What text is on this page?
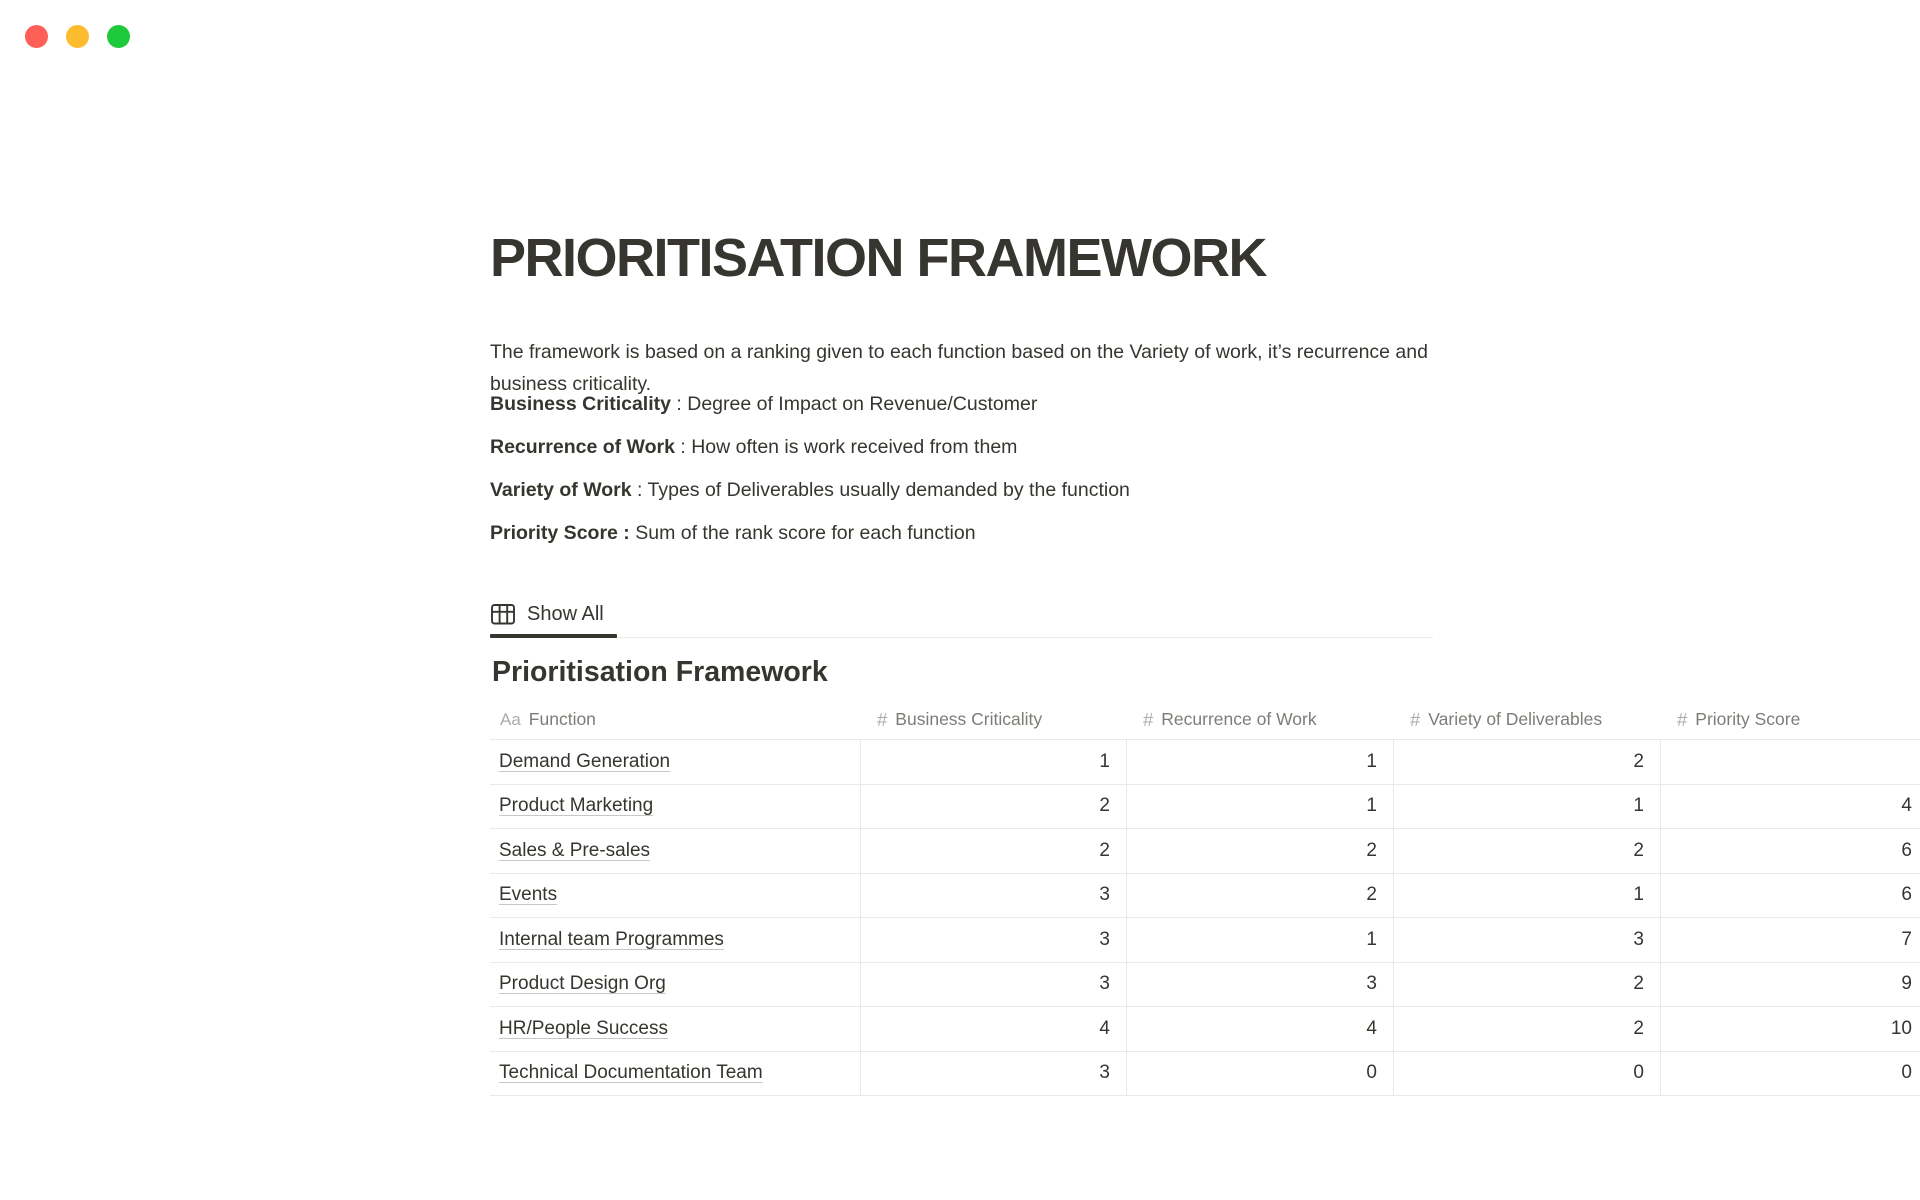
PRIORITISATION FRAMEWORK

The framework is based on a ranking given to each function based on the Variety of work, it’s recurrence and business criticality.

Business Criticality : Degree of Impact on Revenue/Customer
Recurrence of Work : How often is work received from them
Variety of Work : Types of Deliverables usually demanded by the function
Priority Score : Sum of the rank score for each function
Show All
Prioritisation Framework
Aa Function	# Business Criticality	# Recurrence of Work	# Variety of Deliverables	# Priority Score
Demand Generation	1	1	2
Product Marketing	2	1	1	4
Sales & Pre-sales	2	2	2	6
Events	3	2	1	6
Internal team Programmes	3	1	3	7
Product Design Org	3	3	2	9
HR/People Success	4	4	2	10
Technical Documentation Team	3	0	0	0
